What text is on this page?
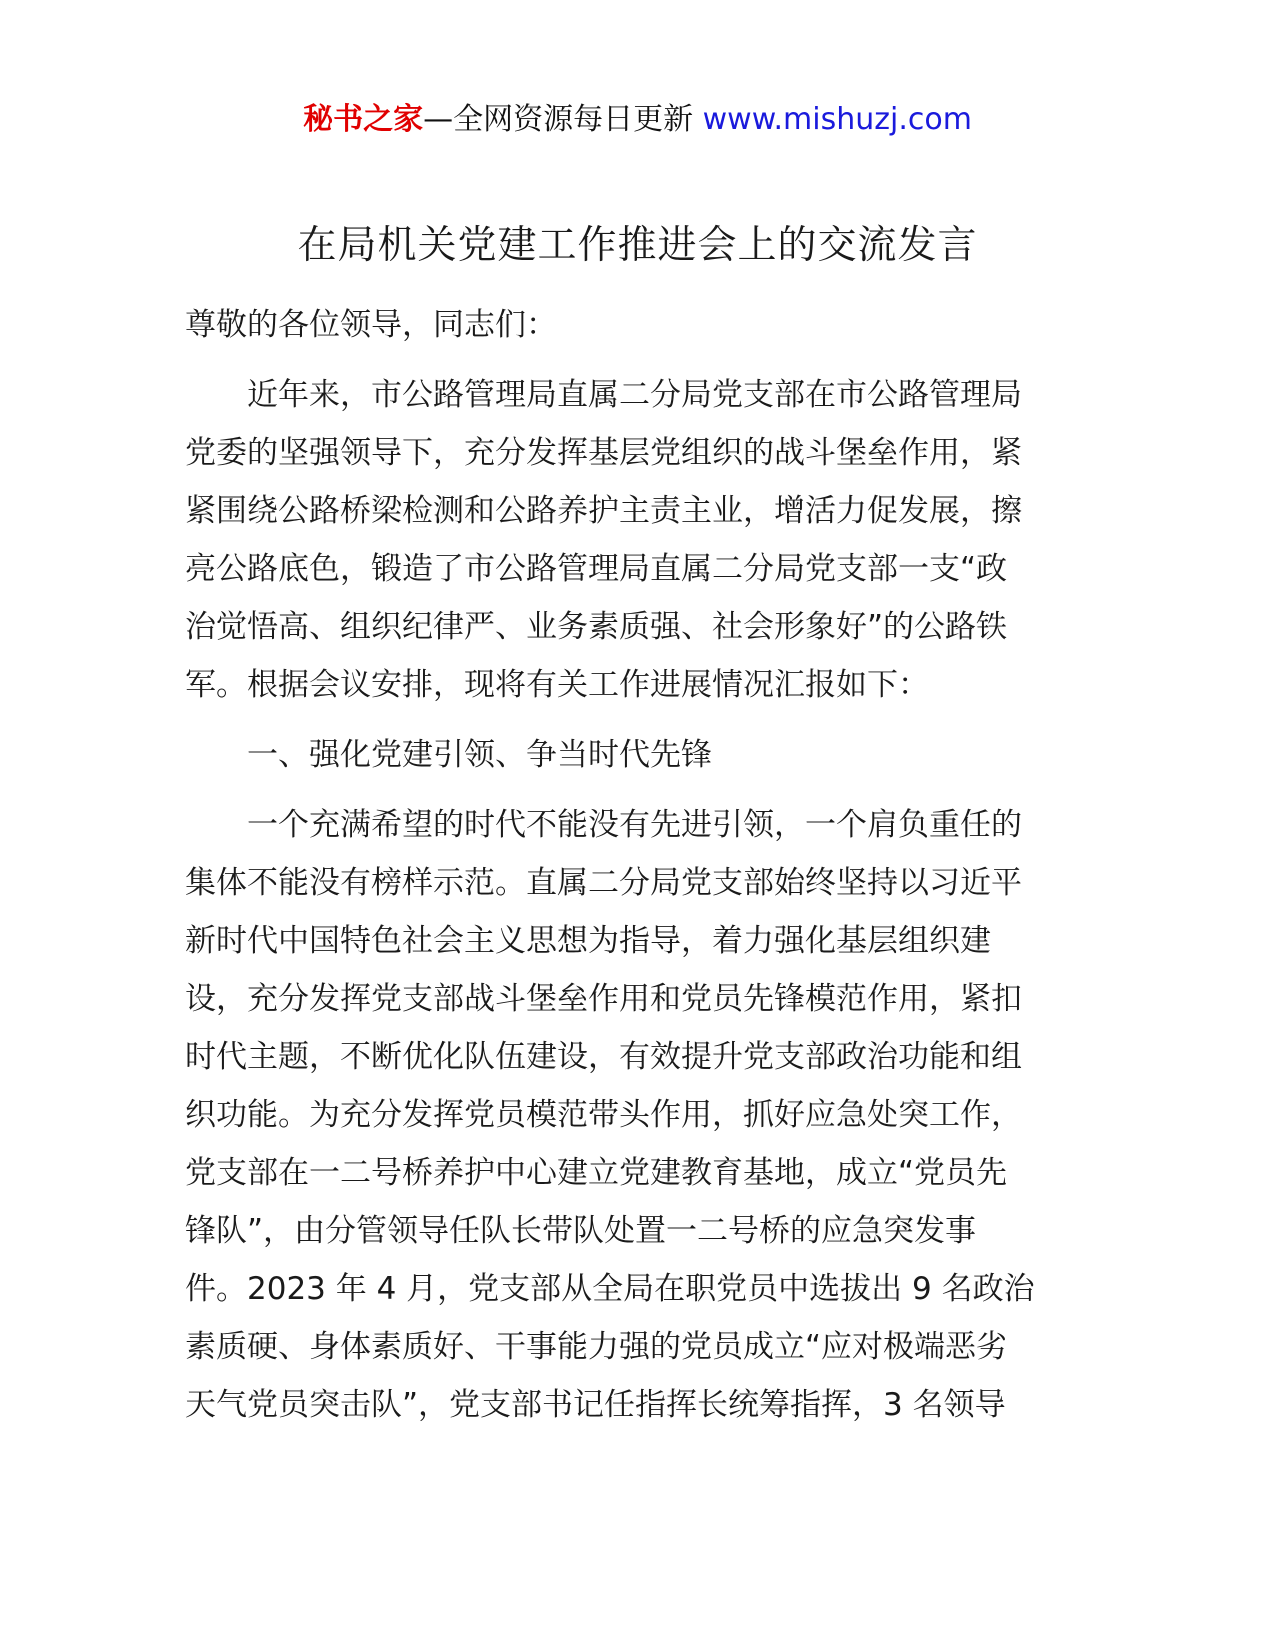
秘书之家—全网资源每日更新 www.mishuzj.com
在局机关党建工作推进会上的交流发言
尊敬的各位领导，同志们：
　　近年来，市公路管理局直属二分局党支部在市公路管理局
党委的坚强领导下，充分发挥基层党组织的战斗堡垒作用，紧
紧围绕公路桥梁检测和公路养护主责主业，增活力促发展，擦
亮公路底色，锻造了市公路管理局直属二分局党支部一支“政
治觉悟高、组织纪律严、业务素质强、社会形象好”的公路铁
军。根据会议安排，现将有关工作进展情况汇报如下：
　　一、强化党建引领、争当时代先锋
　　一个充满希望的时代不能没有先进引领，一个肩负重任的
集体不能没有榜样示范。直属二分局党支部始终坚持以习近平
新时代中国特色社会主义思想为指导，着力强化基层组织建
设，充分发挥党支部战斗堡垒作用和党员先锋模范作用，紧扣
时代主题，不断优化队伍建设，有效提升党支部政治功能和组
织功能。为充分发挥党员模范带头作用，抓好应急处突工作，
党支部在一二号桥养护中心建立党建教育基地，成立“党员先
锋队”，由分管领导任队长带队处置一二号桥的应急突发事
件。2023 年 4 月，党支部从全局在职党员中选拔出 9 名政治
素质硬、身体素质好、干事能力强的党员成立“应对极端恶劣
天气党员突击队”，党支部书记任指挥长统筹指挥，3 名领导
